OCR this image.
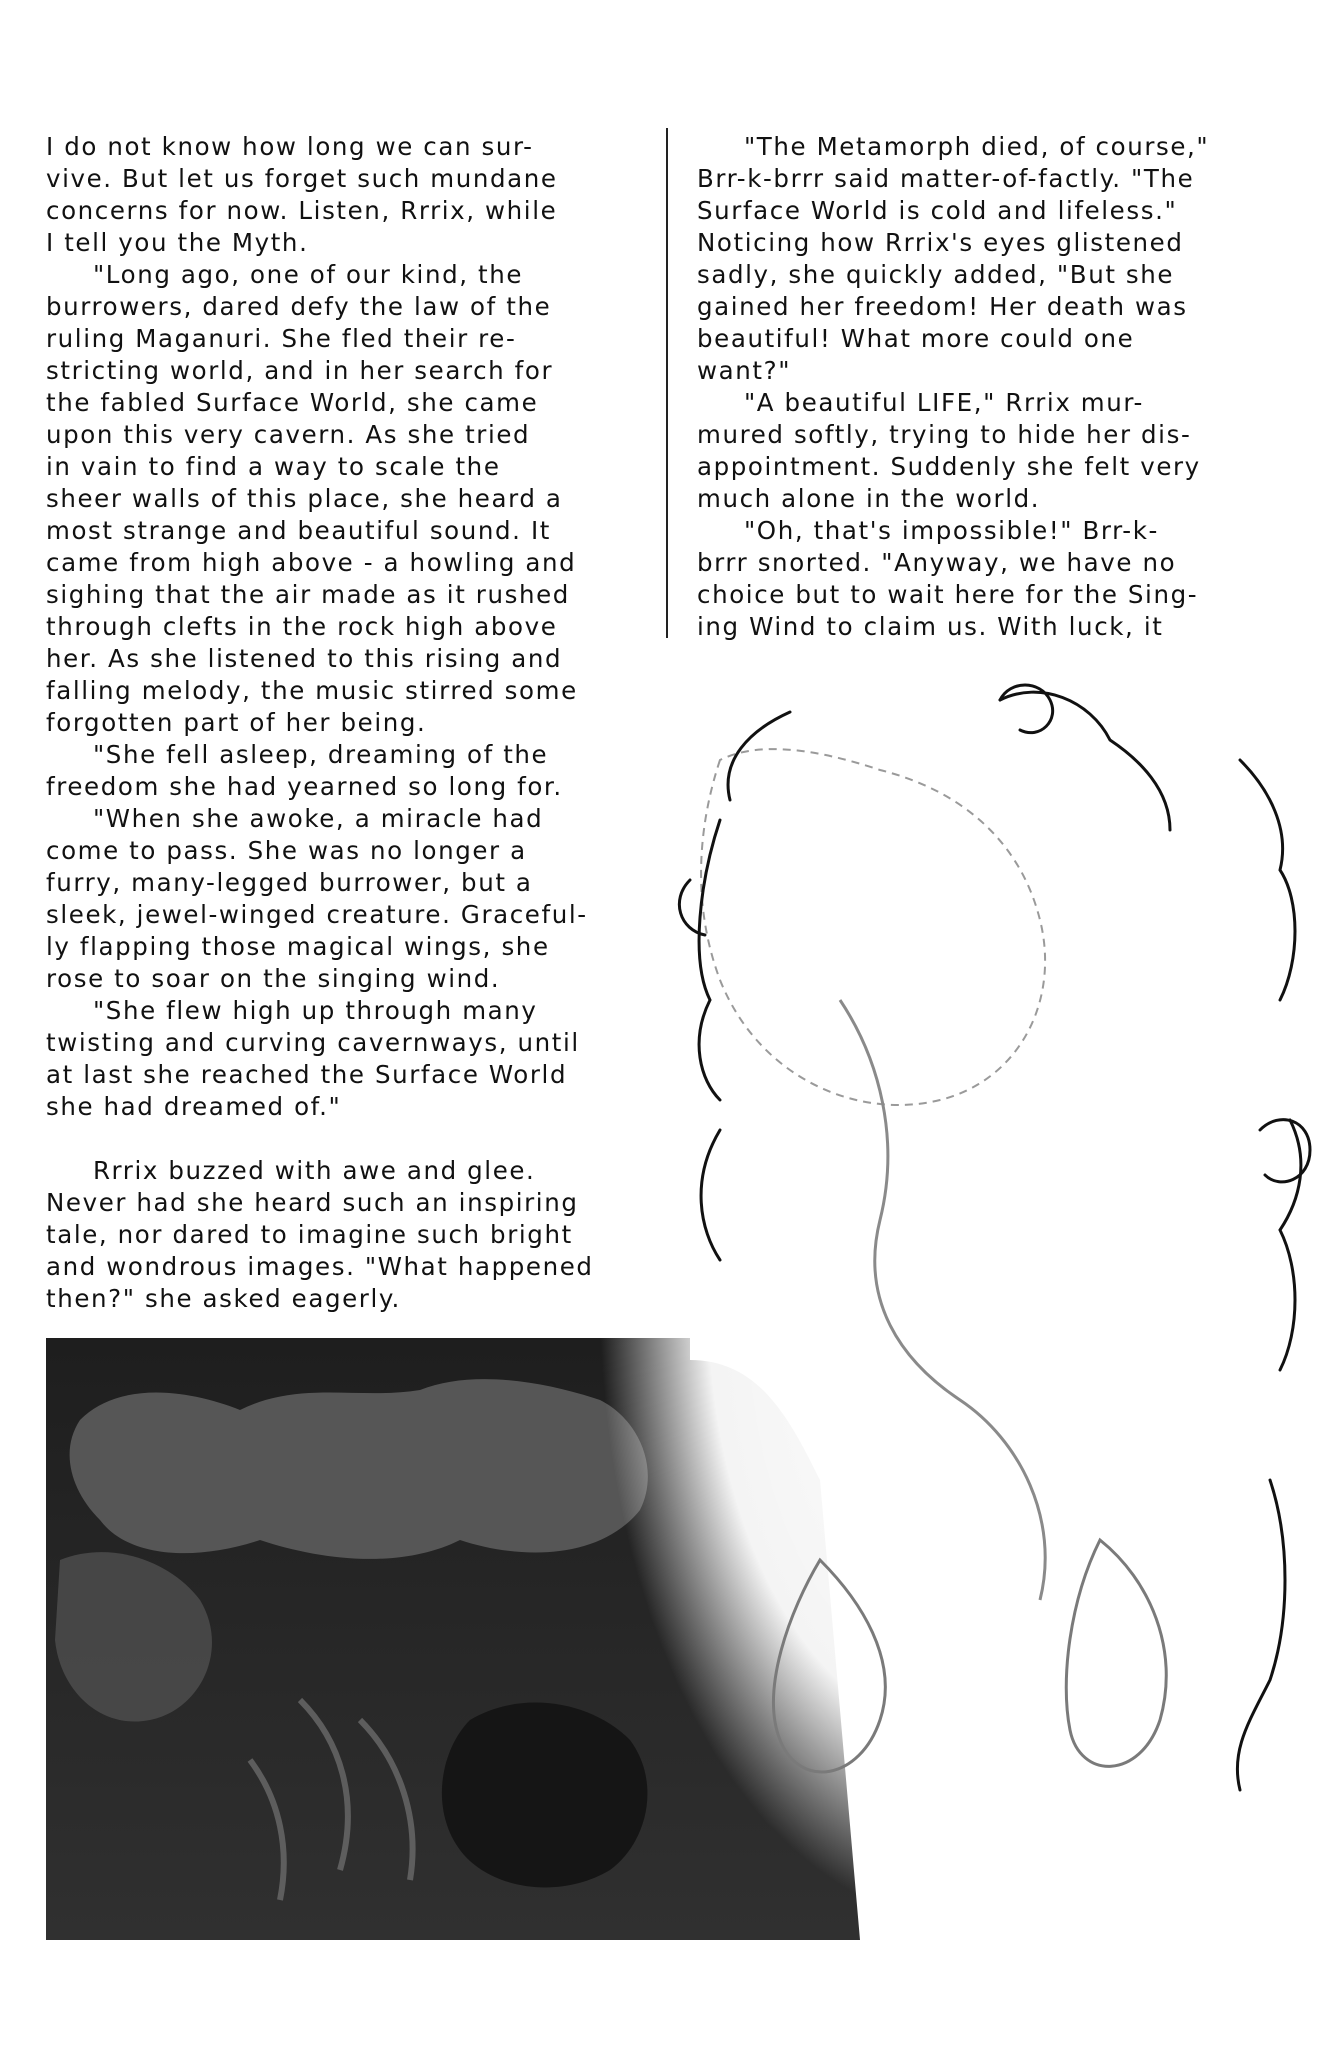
I do not know how long we can sur-

vive. But let us forget such mundane

concerns for now. Listen, Rrrix, while

I tell you the Myth.

"Long ago, one of our kind, the

burrowers, dared defy the law of the

ruling Maganuri. She fled their re-

stricting world, and in her search for

the fabled Surface World, she came

upon this very cavern. As she tried

in vain to find a way to scale the

sheer walls of this place, she heard a

most strange and beautiful sound. It

came from high above - a howling and

sighing that the air made as it rushed

through clefts in the rock high above

her. As she listened to this rising and

falling melody, the music stirred some

forgotten part of her being.

"She fell asleep, dreaming of the

freedom she had yearned so long for.

"When she awoke, a miracle had

come to pass. She was no longer a

furry, many-legged burrower, but a

sleek, jewel-winged creature. Graceful-

ly flapping those magical wings, she

rose to soar on the singing wind.

"She flew high up through many

twisting and curving cavernways, until

at last she reached the Surface World

she had dreamed of."

Rrrix buzzed with awe and glee.

Never had she heard such an inspiring

tale, nor dared to imagine such bright

and wondrous images. "What happened

then?" she asked eagerly.

"The Metamorph died, of course,"

Brr-k-brrr said matter-of-factly. "The

Surface World is cold and lifeless."

Noticing how Rrrix's eyes glistened

sadly, she quickly added, "But she

gained her freedom! Her death was

beautiful! What more could one

want?"

"A beautiful LIFE," Rrrix mur-

mured softly, trying to hide her dis-

appointment. Suddenly she felt very

much alone in the world.

"Oh, that's impossible!" Brr-k-

brrr snorted. "Anyway, we have no

choice but to wait here for the Sing-

ing Wind to claim us. With luck, it
